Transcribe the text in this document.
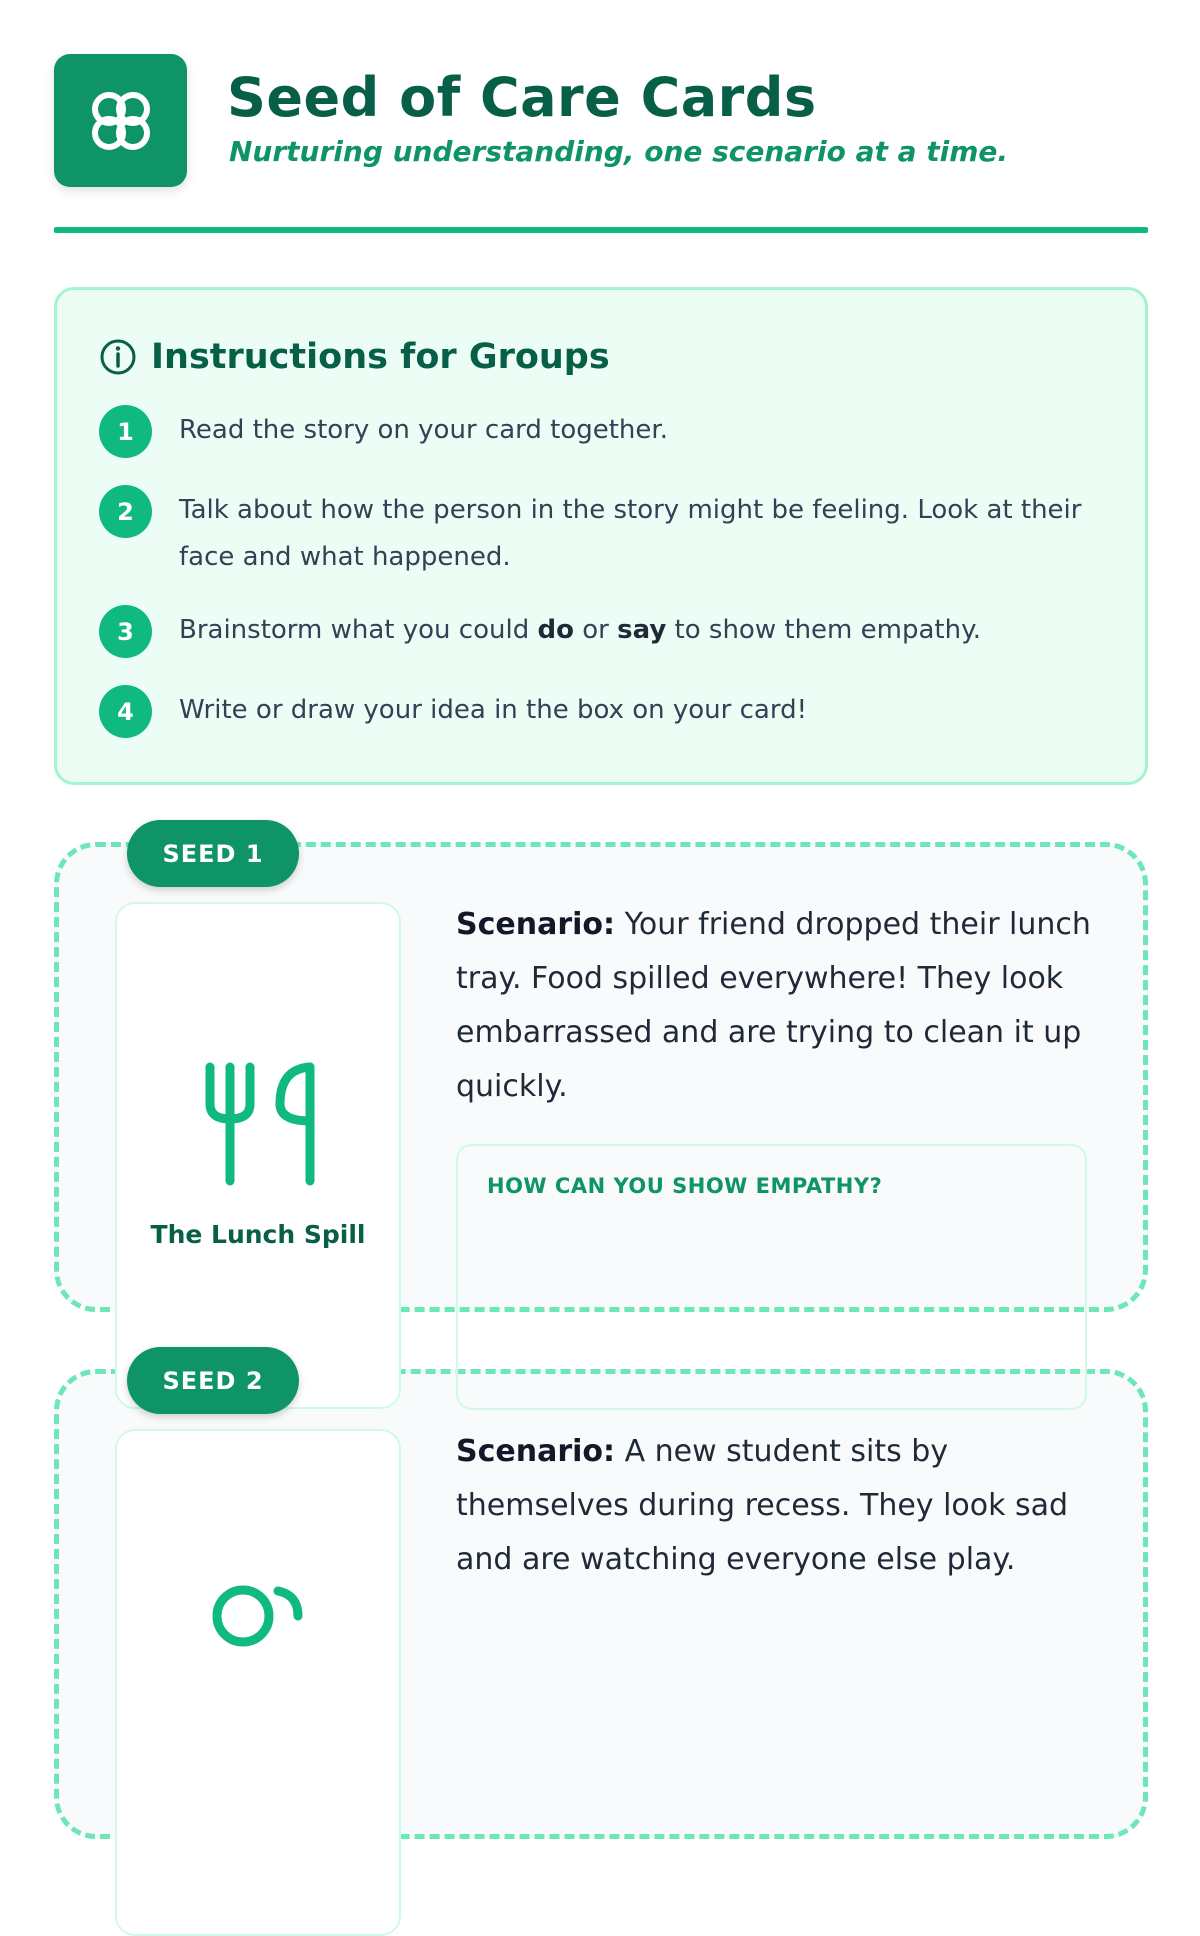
Seed of Care Cards

Nurturing understanding, one scenario at a time.

Instructions for Groups
1	Read the story on your card together.
2	Talk about how the person in the story might be feeling. Look at their face and what happened.
3	Brainstorm what you could do or say to show them empathy.
4	Write or draw your idea in the box on your card!
The Lunch Spill

Scenario: Your friend dropped their lunch tray. Food spilled everywhere! They look embarrassed and are trying to clean it up quickly.

HOW CAN YOU SHOW EMPATHY?
SEED 1

Scenario: A new student sits by themselves during recess. They look sad and are watching everyone else play.

SEED 2
